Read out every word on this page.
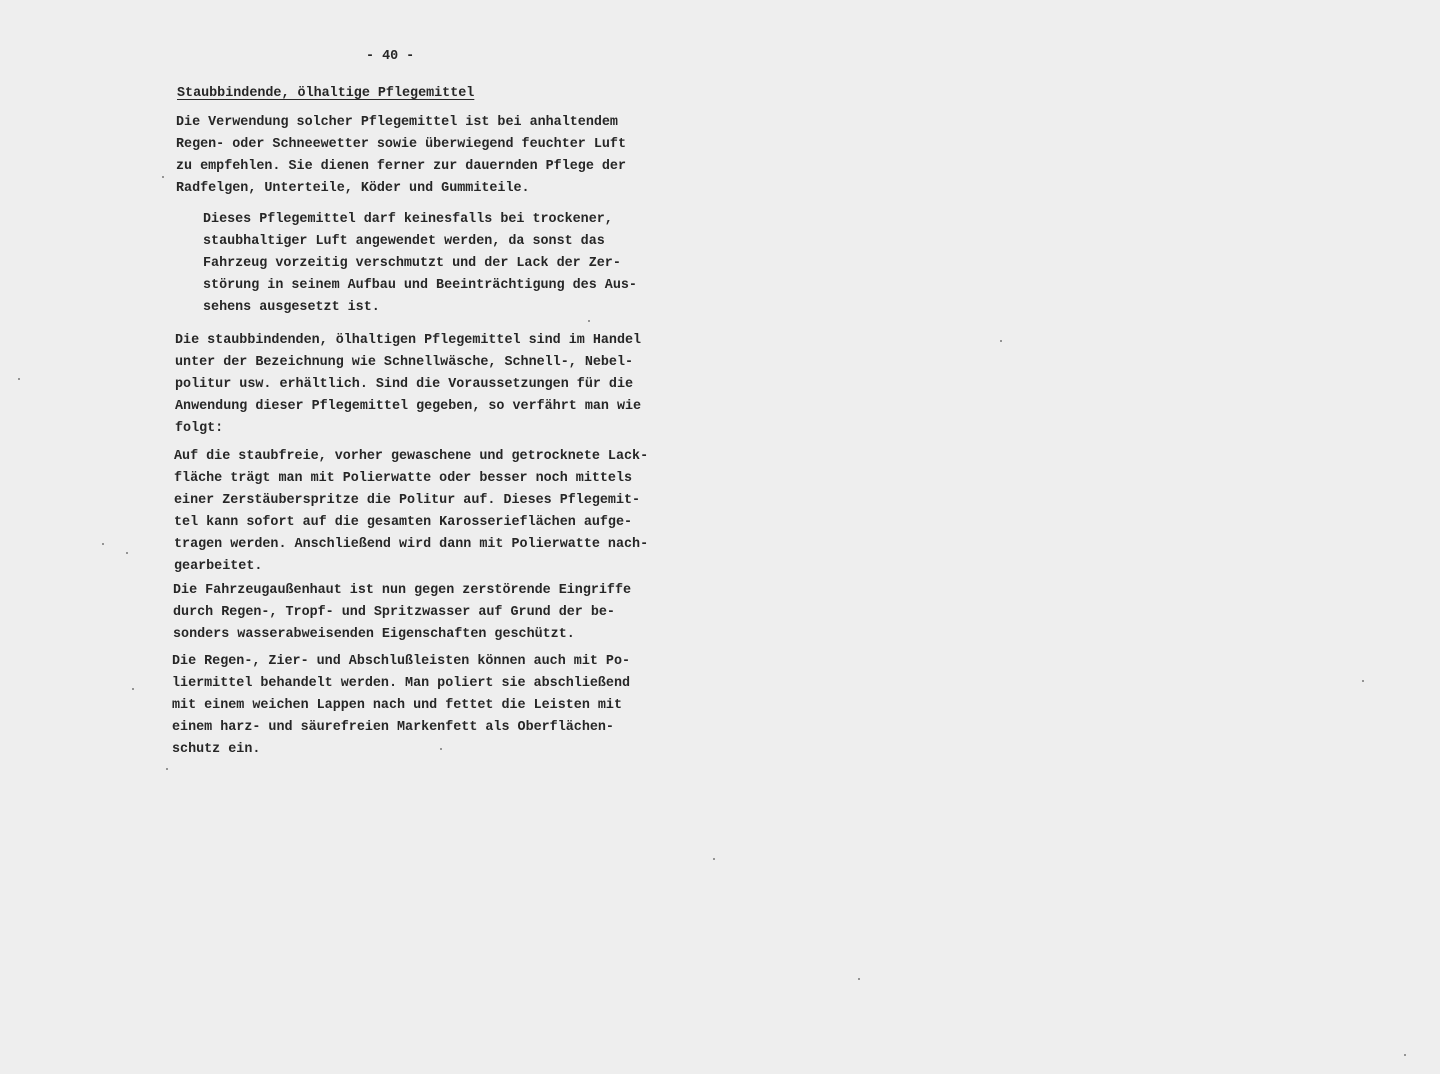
- 40 -
Staubbindende, ölhaltige Pflegemittel
Die Verwendung solcher Pflegemittel ist bei anhaltendem
Regen- oder Schneewetter sowie überwiegend feuchter Luft
zu empfehlen. Sie dienen ferner zur dauernden Pflege der
Radfelgen, Unterteile, Köder und Gummiteile.
Dieses Pflegemittel darf keinesfalls bei trockener,
staubhaltiger Luft angewendet werden, da sonst das
Fahrzeug vorzeitig verschmutzt und der Lack der Zer-
störung in seinem Aufbau und Beeinträchtigung des Aus-
sehens ausgesetzt ist.
Die staubbindenden, ölhaltigen Pflegemittel sind im Handel
unter der Bezeichnung wie Schnellwäsche, Schnell-, Nebel-
politur usw. erhältlich. Sind die Voraussetzungen für die
Anwendung dieser Pflegemittel gegeben, so verfährt man wie
folgt:
Auf die staubfreie, vorher gewaschene und getrocknete Lack-
fläche trägt man mit Polierwatte oder besser noch mittels
einer Zerstäuberspritze die Politur auf. Dieses Pflegemit-
tel kann sofort auf die gesamten Karosserieflächen aufge-
tragen werden. Anschließend wird dann mit Polierwatte nach-
gearbeitet.
Die Fahrzeugaußenhaut ist nun gegen zerstörende Eingriffe
durch Regen-, Tropf- und Spritzwasser auf Grund der be-
sonders wasserabweisenden Eigenschaften geschützt.
Die Regen-, Zier- und Abschlußleisten können auch mit Po-
liermittel behandelt werden. Man poliert sie abschließend
mit einem weichen Lappen nach und fettet die Leisten mit
einem harz- und säurefreien Markenfett als Oberflächen-
schutz ein.
